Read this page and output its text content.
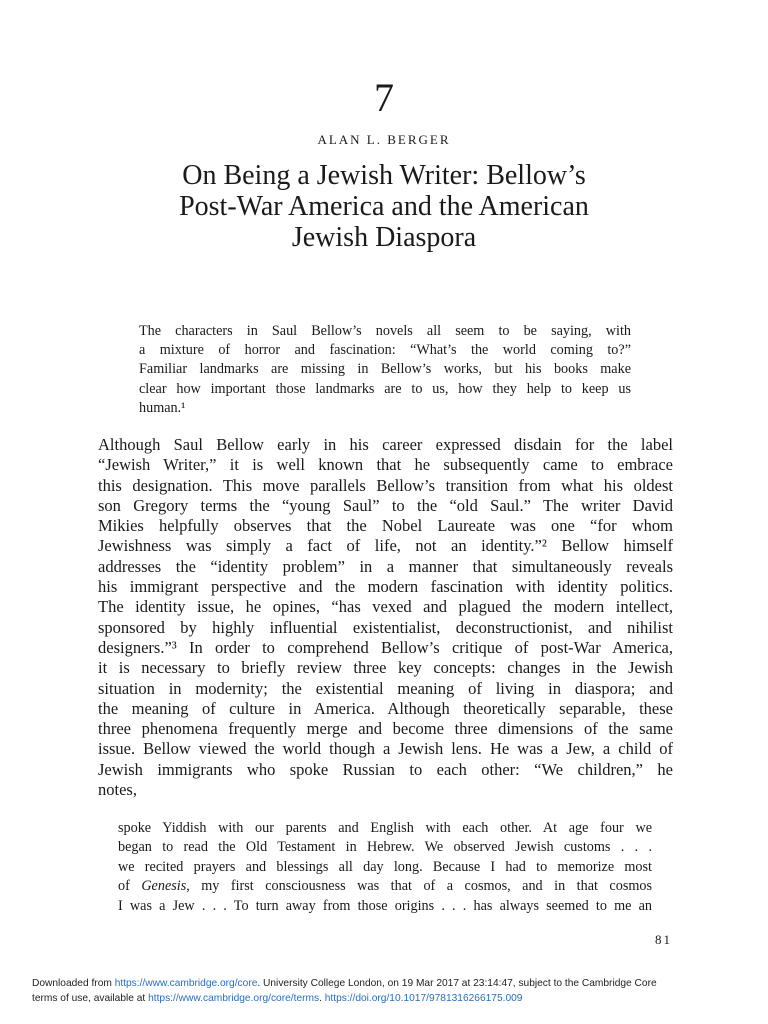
7
ALAN L. BERGER
On Being a Jewish Writer: Bellow’s
Post-War America and the American
Jewish Diaspora
The characters in Saul Bellow’s novels all seem to be saying, with
a mixture of horror and fascination: “What’s the world coming to?”
Familiar landmarks are missing in Bellow’s works, but his books make
clear how important those landmarks are to us, how they help to keep us
human.¹
Although Saul Bellow early in his career expressed disdain for the label
“Jewish Writer,” it is well known that he subsequently came to embrace
this designation. This move parallels Bellow’s transition from what his oldest
son Gregory terms the “young Saul” to the “old Saul.” The writer David
Mikies helpfully observes that the Nobel Laureate was one “for whom
Jewishness was simply a fact of life, not an identity.”² Bellow himself
addresses the “identity problem” in a manner that simultaneously reveals
his immigrant perspective and the modern fascination with identity politics.
The identity issue, he opines, “has vexed and plagued the modern intellect,
sponsored by highly influential existentialist, deconstructionist, and nihilist
designers.”³ In order to comprehend Bellow’s critique of post-War America,
it is necessary to briefly review three key concepts: changes in the Jewish
situation in modernity; the existential meaning of living in diaspora; and
the meaning of culture in America. Although theoretically separable, these
three phenomena frequently merge and become three dimensions of the same
issue. Bellow viewed the world though a Jewish lens. He was a Jew, a child of
Jewish immigrants who spoke Russian to each other: “We children,” he
notes,
spoke Yiddish with our parents and English with each other. At age four we
began to read the Old Testament in Hebrew. We observed Jewish customs . . .
we recited prayers and blessings all day long. Because I had to memorize most
of Genesis, my first consciousness was that of a cosmos, and in that cosmos
I was a Jew . . . To turn away from those origins . . . has always seemed to me an
81
Downloaded from https://www.cambridge.org/core. University College London, on 19 Mar 2017 at 23:14:47, subject to the Cambridge Core
terms of use, available at https://www.cambridge.org/core/terms. https://doi.org/10.1017/9781316266175.009
